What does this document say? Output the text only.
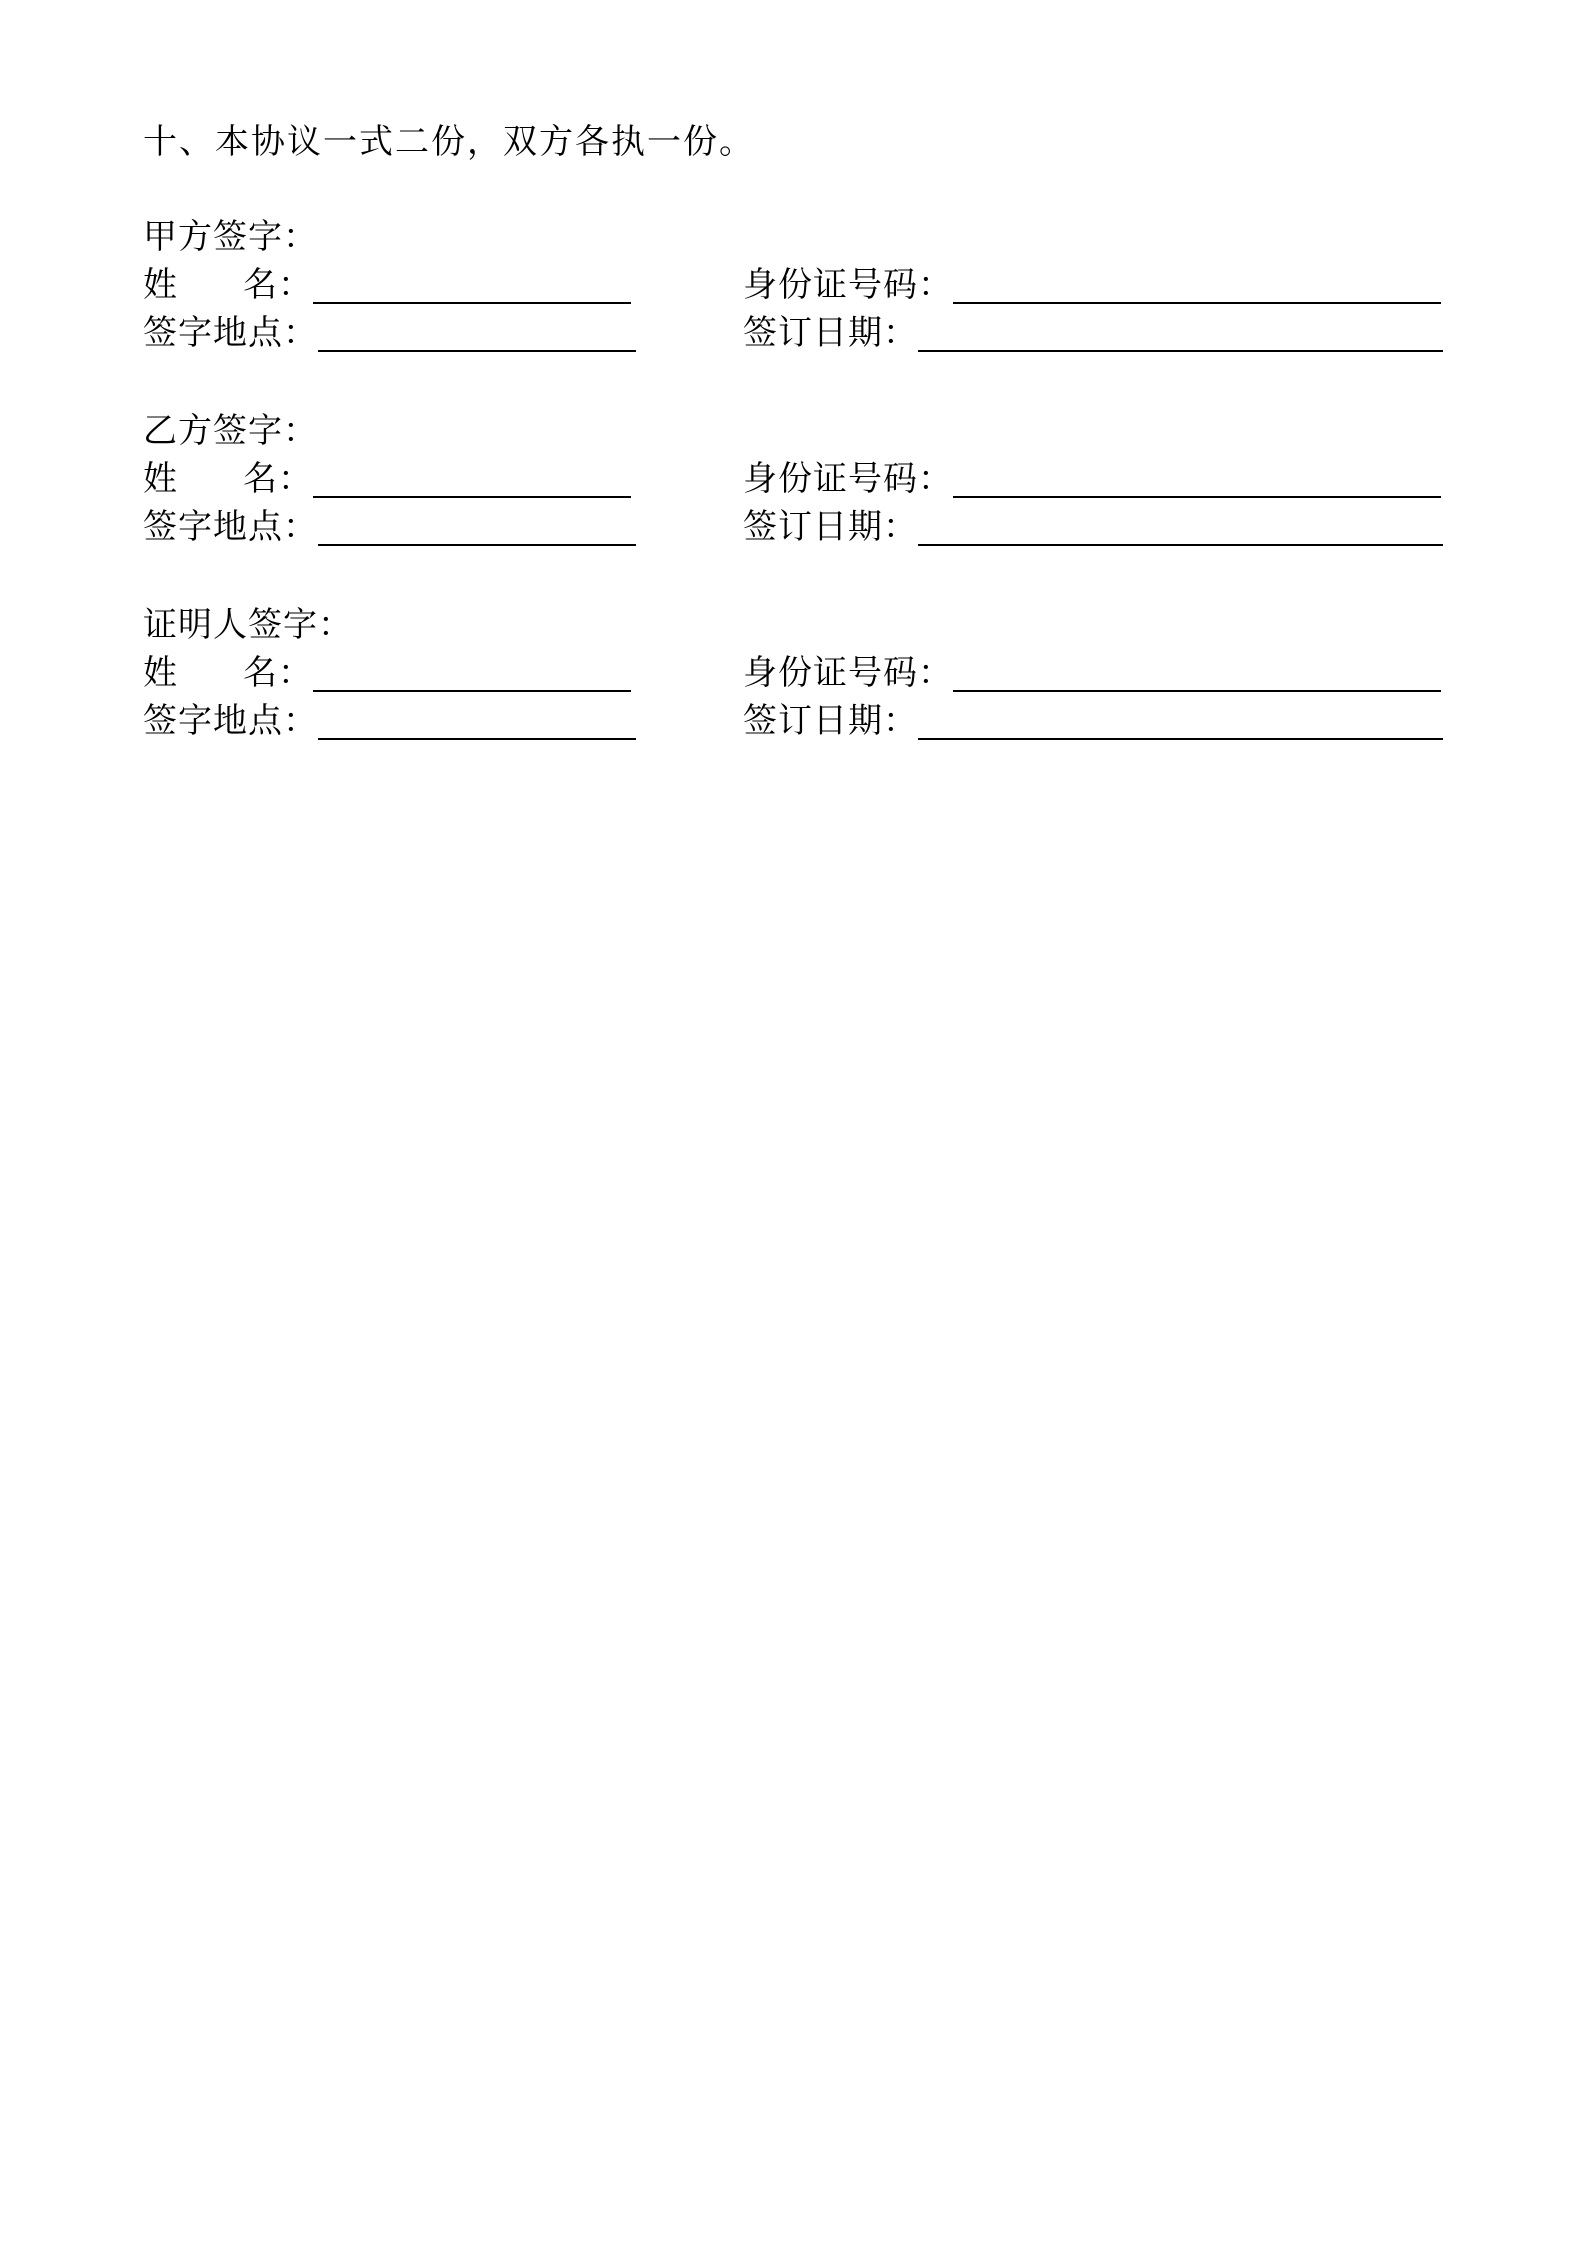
十、本协议一式二份，双方各执一份。
甲方签字：
姓 名：	身份证号码：
签字地点：	签订日期：
乙方签字：
姓 名：	身份证号码：
签字地点：	签订日期：
证明人签字：
姓 名：	身份证号码：
签字地点：	签订日期：
